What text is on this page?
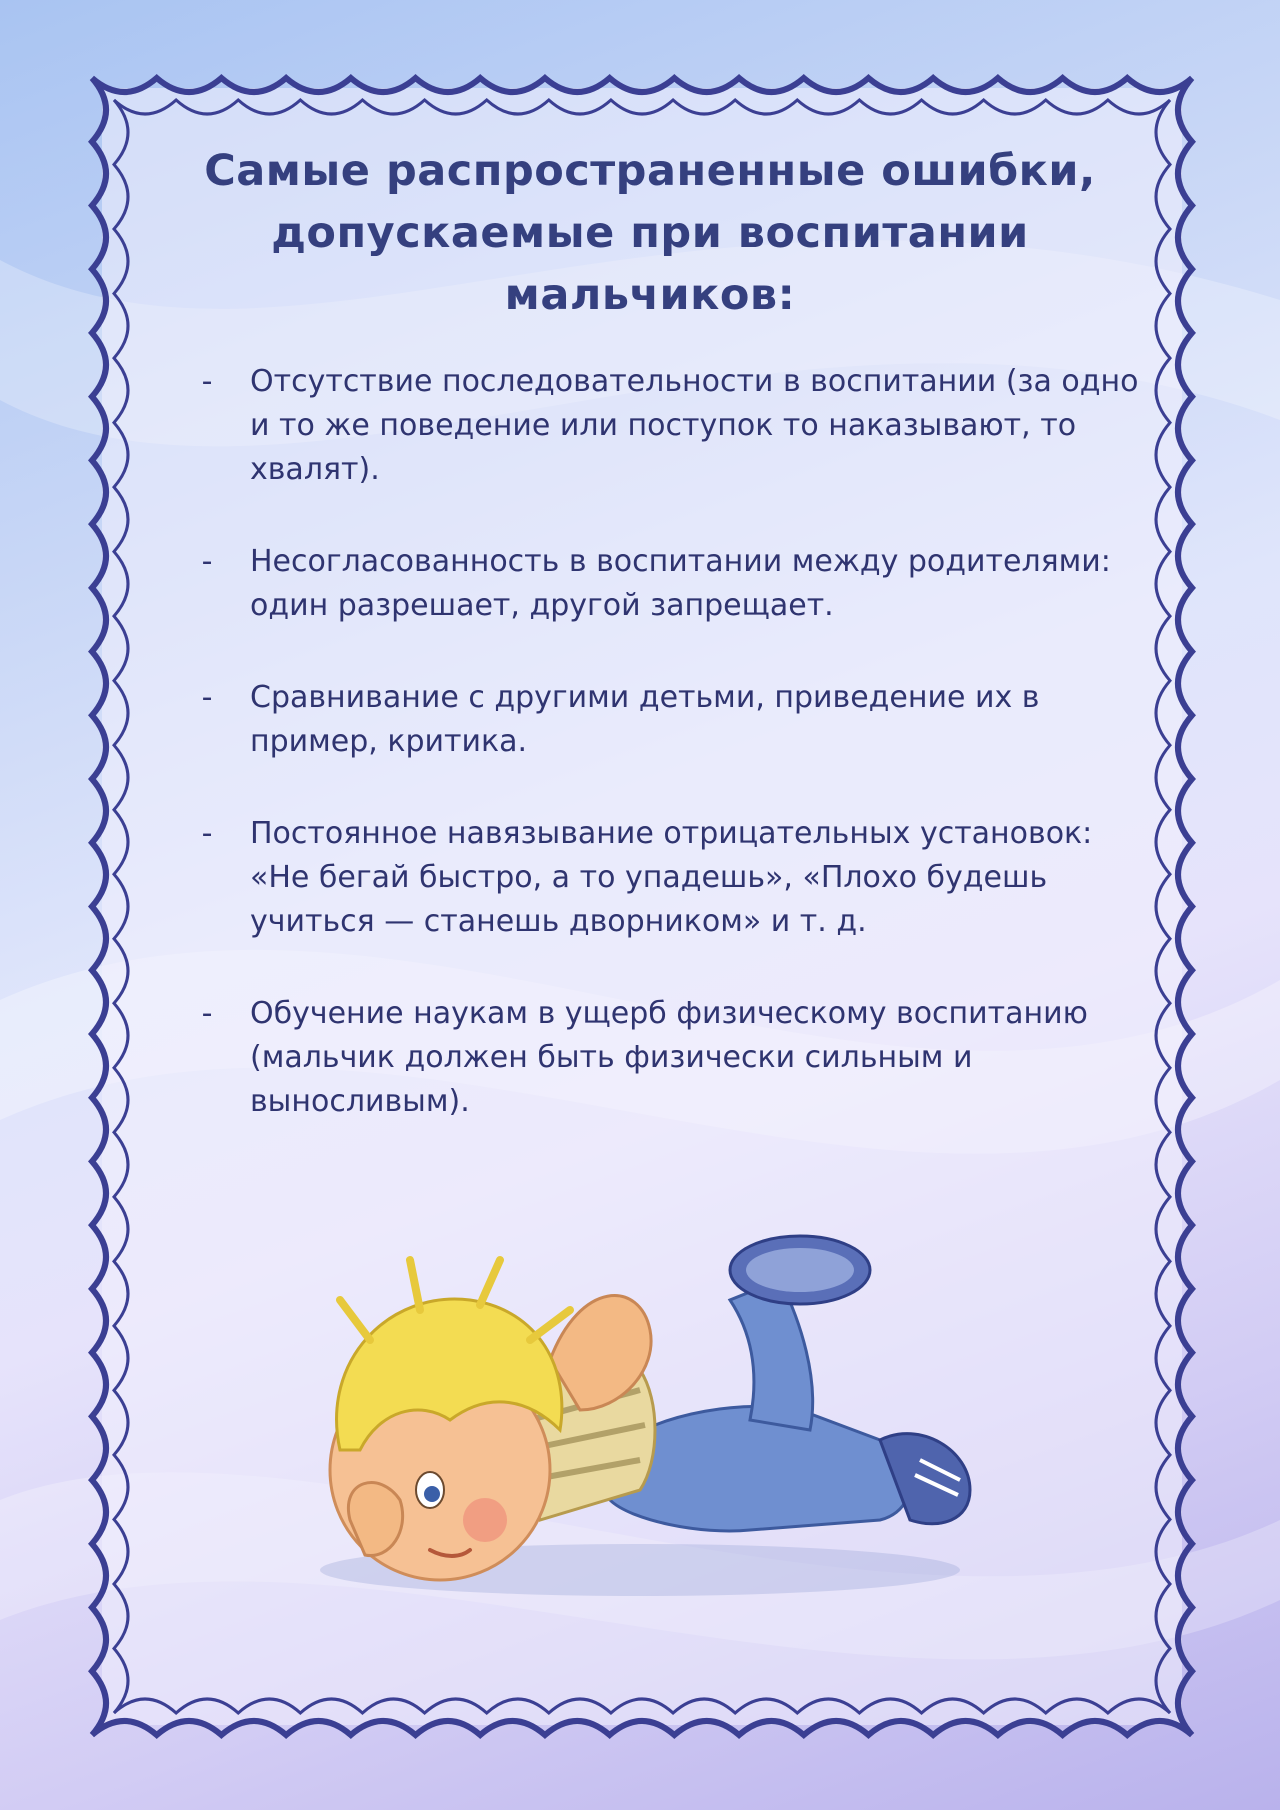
Самые распространенные ошибки,
допускаемые при воспитании
мальчиков:
-	Отсутствие последовательности в воспитании (за одно и то же поведение или поступок то наказывают, то хвалят).
-	Несогласованность в воспитании между родителями: один разрешает, другой запрещает.
-	Сравнивание с другими детьми, приведение их в пример, критика.
-	Постоянное навязывание отрицательных установок: «Не бегай быстро, а то упадешь», «Плохо будешь учиться — станешь дворником» и т. д.
-	Обучение наукам в ущерб физическому воспитанию (мальчик должен быть физически сильным и выносливым).
